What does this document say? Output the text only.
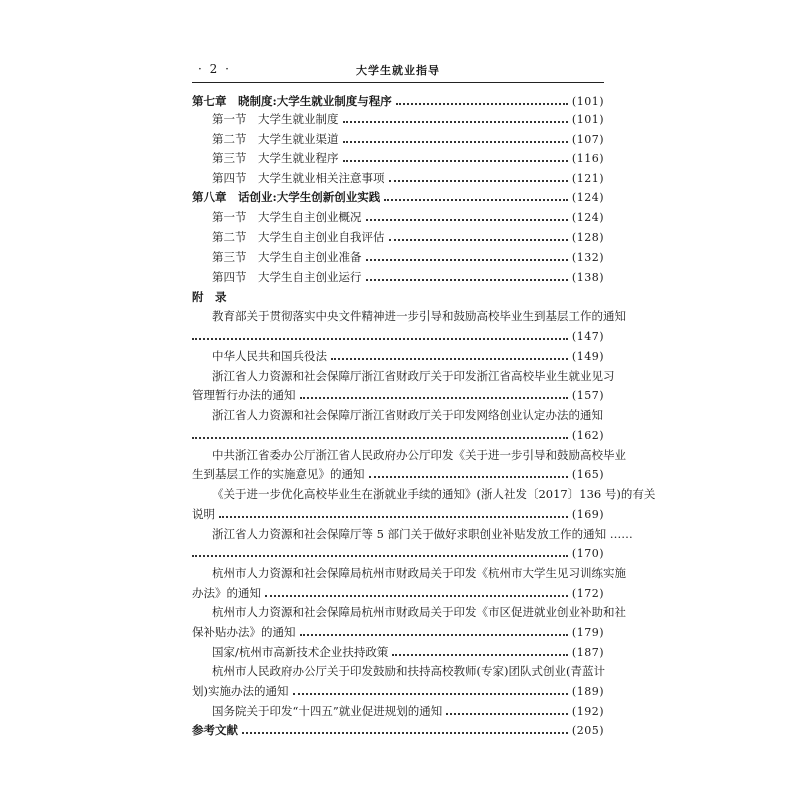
· 2 ·	大学生就业指导
第七章　晓制度:大学生就业制度与程序	(101)
第一节 大学生就业制度	(101)
第二节 大学生就业渠道	(107)
第三节 大学生就业程序	(116)
第四节 大学生就业相关注意事项	(121)
第八章　话创业:大学生创新创业实践	(124)
第一节 大学生自主创业概况	(124)
第二节 大学生自主创业自我评估	(128)
第三节 大学生自主创业准备	(132)
第四节 大学生自主创业运行	(138)
附　录
教育部关于贯彻落实中央文件精神进一步引导和鼓励高校毕业生到基层工作的通知
(147)
中华人民共和国兵役法	(149)
浙江省人力资源和社会保障厅浙江省财政厅关于印发浙江省高校毕业生就业见习
管理暂行办法的通知	(157)
浙江省人力资源和社会保障厅浙江省财政厅关于印发网络创业认定办法的通知
(162)
中共浙江省委办公厅浙江省人民政府办公厅印发《关于进一步引导和鼓励高校毕业
生到基层工作的实施意见》的通知	(165)
《关于进一步优化高校毕业生在浙就业手续的通知》(浙人社发〔2017〕136 号)的有关
说明	(169)
浙江省人力资源和社会保障厅等 5 部门关于做好求职创业补贴发放工作的通知 ……
(170)
杭州市人力资源和社会保障局杭州市财政局关于印发《杭州市大学生见习训练实施
办法》的通知	(172)
杭州市人力资源和社会保障局杭州市财政局关于印发《市区促进就业创业补助和社
保补贴办法》的通知	(179)
国家/杭州市高新技术企业扶持政策	(187)
杭州市人民政府办公厅关于印发鼓励和扶持高校教师(专家)团队式创业(青蓝计
划)实施办法的通知	(189)
国务院关于印发“十四五”就业促进规划的通知	(192)
参考文献	(205)
